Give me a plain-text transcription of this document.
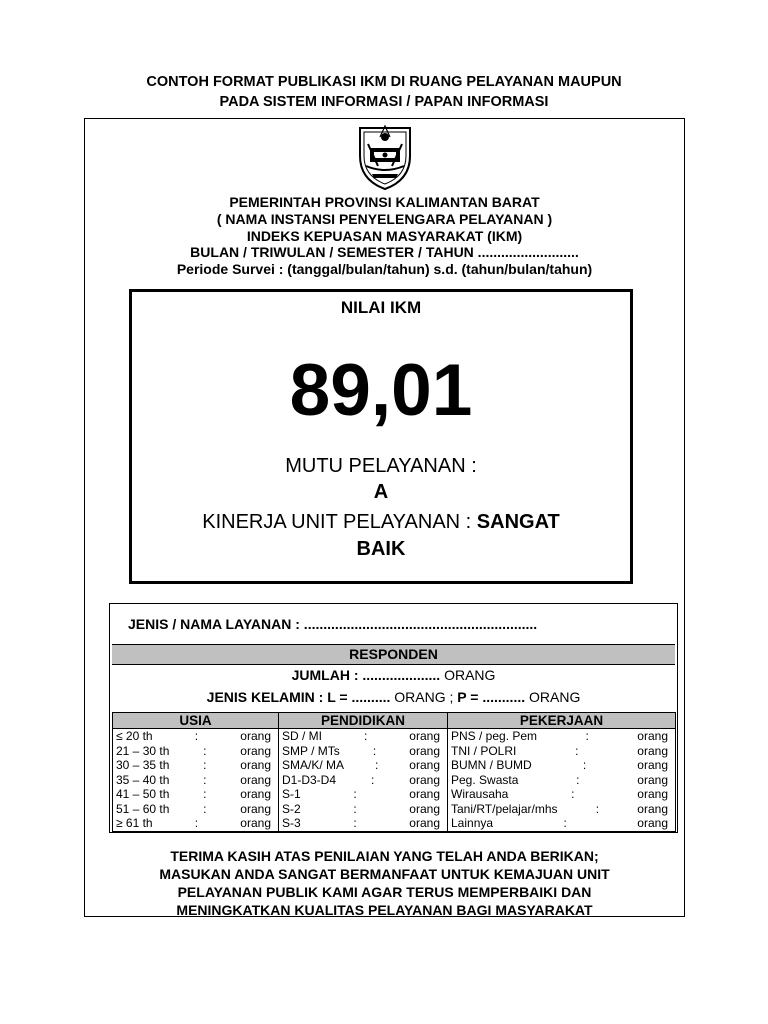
CONTOH FORMAT PUBLIKASI IKM DI RUANG PELAYANAN MAUPUN
PADA SISTEM INFORMASI / PAPAN INFORMASI
PEMERINTAH PROVINSI KALIMANTAN BARAT
( NAMA INSTANSI PENYELENGARA PELAYANAN )
INDEKS KEPUASAN MASYARAKAT (IKM)
BULAN / TRIWULAN / SEMESTER / TAHUN ..........................
Periode Survei : (tanggal/bulan/tahun) s.d. (tahun/bulan/tahun)
NILAI IKM
89,01
MUTU PELAYANAN :
A
KINERJA UNIT PELAYANAN : SANGAT
BAIK
JENIS / NAMA LAYANAN : ............................................................
RESPONDEN
JUMLAH : .................... ORANG
JENIS KELAMIN : L = .......... ORANG ; P = ........... ORANG
USIA	PENDIDIKAN	PEKERJAAN

≤ 20 th : orang	SD / MI : orang	PNS / peg. Pem : orang

21 – 30 th : orang	SMP / MTs : orang	TNI / POLRI : orang

30 – 35 th : orang	SMA/K/ MA : orang	BUMN / BUMD : orang

35 – 40 th : orang	D1-D3-D4 : orang	Peg. Swasta : orang

41 – 50 th : orang	S-1 : orang	Wirausaha : orang

51 – 60 th : orang	S-2 : orang	Tani/RT/pelajar/mhs : orang

≥ 61 th : orang	S-3 : orang	Lainnya : orang
TERIMA KASIH ATAS PENILAIAN YANG TELAH ANDA BERIKAN;
MASUKAN ANDA SANGAT BERMANFAAT UNTUK KEMAJUAN UNIT
PELAYANAN PUBLIK KAMI AGAR TERUS MEMPERBAIKI DAN
MENINGKATKAN KUALITAS PELAYANAN BAGI MASYARAKAT
